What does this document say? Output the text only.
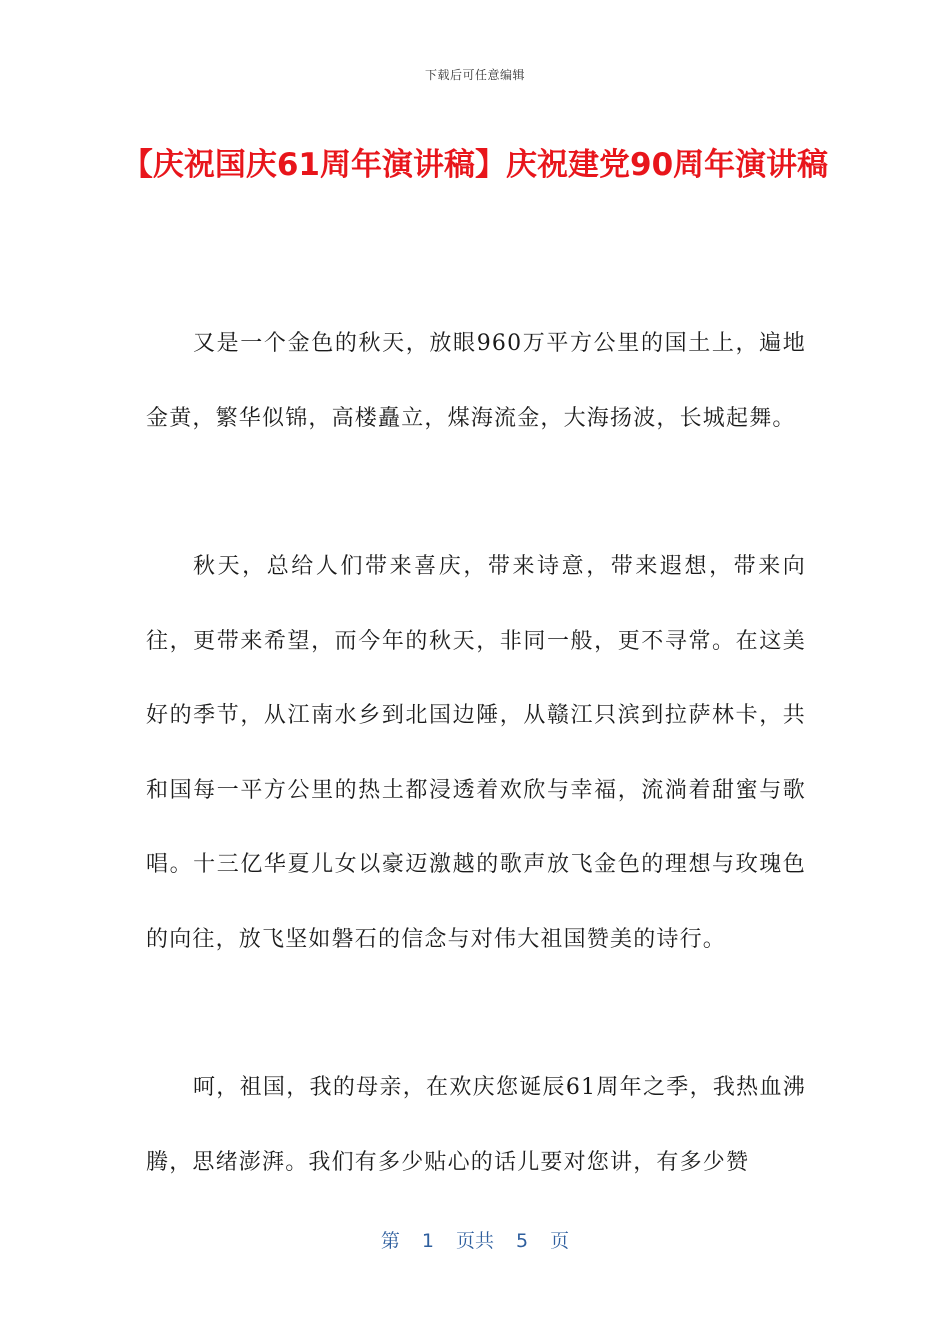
下载后可任意编辑
【庆祝国庆61周年演讲稿】庆祝建党90周年演讲稿

又是一个金色的秋天，放眼960万平方公里的国土上，遍地金黄，繁华似锦，高楼矗立，煤海流金，大海扬波，长城起舞。

秋天，总给人们带来喜庆，带来诗意，带来遐想，带来向往，更带来希望，而今年的秋天，非同一般，更不寻常。在这美好的季节，从江南水乡到北国边陲，从赣江只滨到拉萨林卡，共和国每一平方公里的热土都浸透着欢欣与幸福，流淌着甜蜜与歌唱。十三亿华夏儿女以豪迈激越的歌声放飞金色的理想与玫瑰色的向往，放飞坚如磐石的信念与对伟大祖国赞美的诗行。

呵，祖国，我的母亲，在欢庆您诞辰61周年之季，我热血沸腾，思绪澎湃。我们有多少贴心的话儿要对您讲，有多少赞

第 1 页共 5 页
